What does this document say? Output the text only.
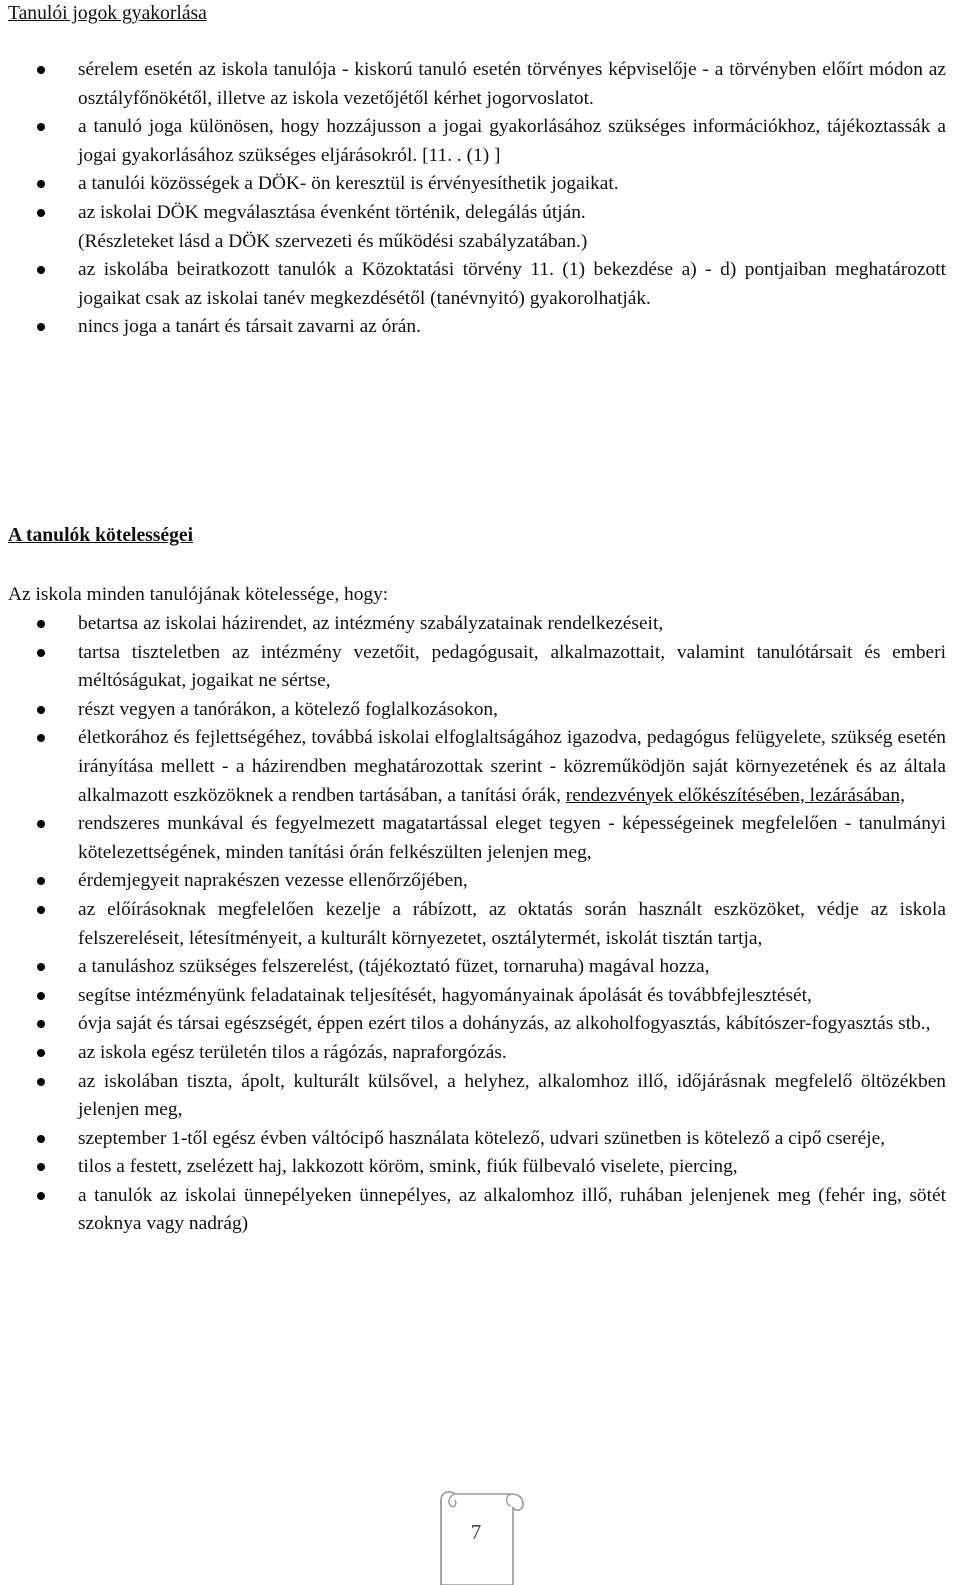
Tanulói jogok gyakorlása
sérelem esetén az iskola tanulója - kiskorú tanuló esetén törvényes képviselője - a törvényben előírt módon az osztályfőnökétől, illetve az iskola vezetőjétől kérhet jogorvoslatot.
a tanuló joga különösen, hogy hozzájusson a jogai gyakorlásához szükséges információkhoz, tájékoztassák a jogai gyakorlásához szükséges eljárásokról. [11. . (1) ]
a tanulói közösségek a DÖK- ön keresztül is érvényesíthetik jogaikat.
az iskolai DÖK megválasztása évenként történik, delegálás útján.
(Részleteket lásd a DÖK szervezeti és működési szabályzatában.)
az iskolába beiratkozott tanulók a Közoktatási törvény 11. (1) bekezdése a) - d) pontjaiban meghatározott jogaikat csak az iskolai tanév megkezdésétől (tanévnyitó) gyakorolhatják.
nincs joga a tanárt és társait zavarni az órán.
A tanulók kötelességei
Az iskola minden tanulójának kötelessége, hogy:
betartsa az iskolai házirendet, az intézmény szabályzatainak rendelkezéseit,
tartsa tiszteletben az intézmény vezetőit, pedagógusait, alkalmazottait, valamint tanulótársait és emberi méltóságukat, jogaikat ne sértse,
részt vegyen a tanórákon, a kötelező foglalkozásokon,
életkorához és fejlettségéhez, továbbá iskolai elfoglaltságához igazodva, pedagógus felügyelete, szükség esetén irányítása mellett - a házirendben meghatározottak szerint - közreműködjön saját környezetének és az általa alkalmazott eszközöknek a rendben tartásában, a tanítási órák, rendezvények előkészítésében, lezárásában,
rendszeres munkával és fegyelmezett magatartással eleget tegyen - képességeinek megfelelően - tanulmányi kötelezettségének, minden tanítási órán felkészülten jelenjen meg,
érdemjegyeit naprakészen vezesse ellenőrzőjében,
az előírásoknak megfelelően kezelje a rábízott, az oktatás során használt eszközöket, védje az iskola felszereléseit, létesítményeit, a kulturált környezetet, osztálytermét, iskolát tisztán tartja,
a tanuláshoz szükséges felszerelést, (tájékoztató füzet, tornaruha) magával hozza,
segítse intézményünk feladatainak teljesítését, hagyományainak ápolását és továbbfejlesztését,
óvja saját és társai egészségét, éppen ezért tilos a dohányzás, az alkoholfogyasztás, kábítószer-fogyasztás stb.,
az iskola egész területén tilos a rágózás, napraforgózás.
az iskolában tiszta, ápolt, kulturált külsővel, a helyhez, alkalomhoz illő, időjárásnak megfelelő öltözékben jelenjen meg,
szeptember 1-től egész évben váltócipő használata kötelező, udvari szünetben is kötelező a cipő cseréje,
tilos a festett, zselézett haj, lakkozott köröm, smink, fiúk fülbevaló viselete, piercing,
a tanulók az iskolai ünnepélyeken ünnepélyes, az alkalomhoz illő, ruhában jelenjenek meg (fehér ing, sötét szoknya vagy nadrág)
7
